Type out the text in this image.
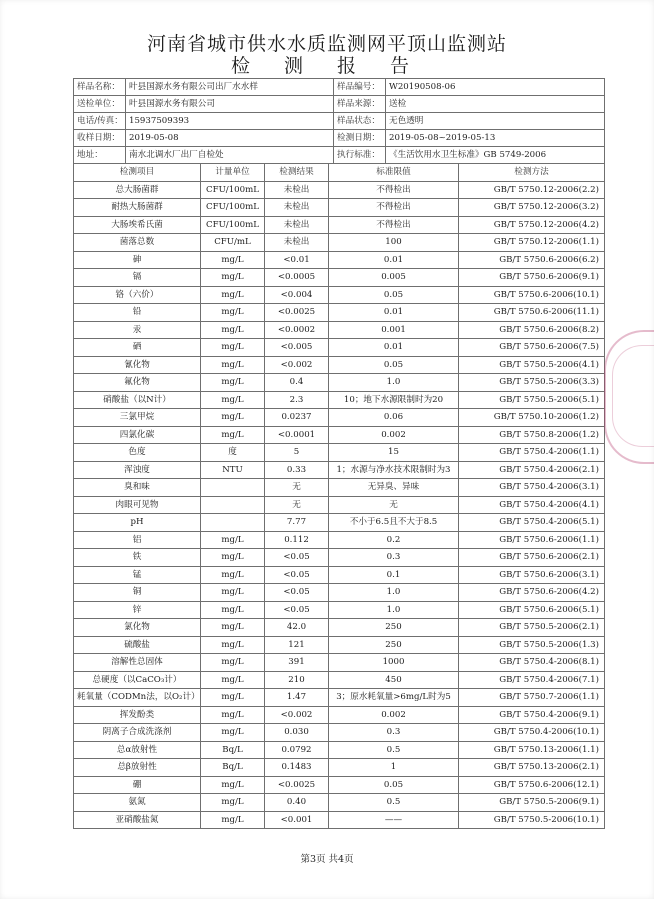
河南省城市供水水质监测网平顶山监测站
检 测 报 告
样品名称：	叶县国源水务有限公司出厂水水样	样品编号：	W20190508-06
送检单位：	叶县国源水务有限公司	样品来源：	送检
电话/传真：	15937509393	样品状态：	无色透明
收样日期：	2019-05-08	检测日期：	2019-05-08~2019-05-13
地址：	南水北调水厂出厂自检处	执行标准：	《生活饮用水卫生标准》GB 5749-2006
检测项目	计量单位	检测结果	标准限值	检测方法
总大肠菌群	CFU/100mL	未检出	不得检出	GB/T 5750.12-2006(2.2)
耐热大肠菌群	CFU/100mL	未检出	不得检出	GB/T 5750.12-2006(3.2)
大肠埃希氏菌	CFU/100mL	未检出	不得检出	GB/T 5750.12-2006(4.2)
菌落总数	CFU/mL	未检出	100	GB/T 5750.12-2006(1.1)
砷	mg/L	<0.01	0.01	GB/T 5750.6-2006(6.2)
镉	mg/L	<0.0005	0.005	GB/T 5750.6-2006(9.1)
铬（六价）	mg/L	<0.004	0.05	GB/T 5750.6-2006(10.1)
铅	mg/L	<0.0025	0.01	GB/T 5750.6-2006(11.1)
汞	mg/L	<0.0002	0.001	GB/T 5750.6-2006(8.2)
硒	mg/L	<0.005	0.01	GB/T 5750.6-2006(7.5)
氰化物	mg/L	<0.002	0.05	GB/T 5750.5-2006(4.1)
氟化物	mg/L	0.4	1.0	GB/T 5750.5-2006(3.3)
硝酸盐（以N计）	mg/L	2.3	10；地下水源限制时为20	GB/T 5750.5-2006(5.1)
三氯甲烷	mg/L	0.0237	0.06	GB/T 5750.10-2006(1.2)
四氯化碳	mg/L	<0.0001	0.002	GB/T 5750.8-2006(1.2)
色度	度	5	15	GB/T 5750.4-2006(1.1)
浑浊度	NTU	0.33	1；水源与净水技术限制时为3	GB/T 5750.4-2006(2.1)
臭和味		无	无异臭、异味	GB/T 5750.4-2006(3.1)
肉眼可见物		无	无	GB/T 5750.4-2006(4.1)
pH		7.77	不小于6.5且不大于8.5	GB/T 5750.4-2006(5.1)
铝	mg/L	0.112	0.2	GB/T 5750.6-2006(1.1)
铁	mg/L	<0.05	0.3	GB/T 5750.6-2006(2.1)
锰	mg/L	<0.05	0.1	GB/T 5750.6-2006(3.1)
铜	mg/L	<0.05	1.0	GB/T 5750.6-2006(4.2)
锌	mg/L	<0.05	1.0	GB/T 5750.6-2006(5.1)
氯化物	mg/L	42.0	250	GB/T 5750.5-2006(2.1)
硫酸盐	mg/L	121	250	GB/T 5750.5-2006(1.3)
溶解性总固体	mg/L	391	1000	GB/T 5750.4-2006(8.1)
总硬度（以CaCO₃计）	mg/L	210	450	GB/T 5750.4-2006(7.1)
耗氧量（CODMn法，以O₂计）	mg/L	1.47	3；原水耗氧量>6mg/L时为5	GB/T 5750.7-2006(1.1)
挥发酚类	mg/L	<0.002	0.002	GB/T 5750.4-2006(9.1)
阴离子合成洗涤剂	mg/L	0.030	0.3	GB/T 5750.4-2006(10.1)
总α放射性	Bq/L	0.0792	0.5	GB/T 5750.13-2006(1.1)
总β放射性	Bq/L	0.1483	1	GB/T 5750.13-2006(2.1)
硼	mg/L	<0.0025	0.05	GB/T 5750.6-2006(12.1)
氨氮	mg/L	0.40	0.5	GB/T 5750.5-2006(9.1)
亚硝酸盐氮	mg/L	<0.001	——	GB/T 5750.5-2006(10.1)
第3页 共4页
